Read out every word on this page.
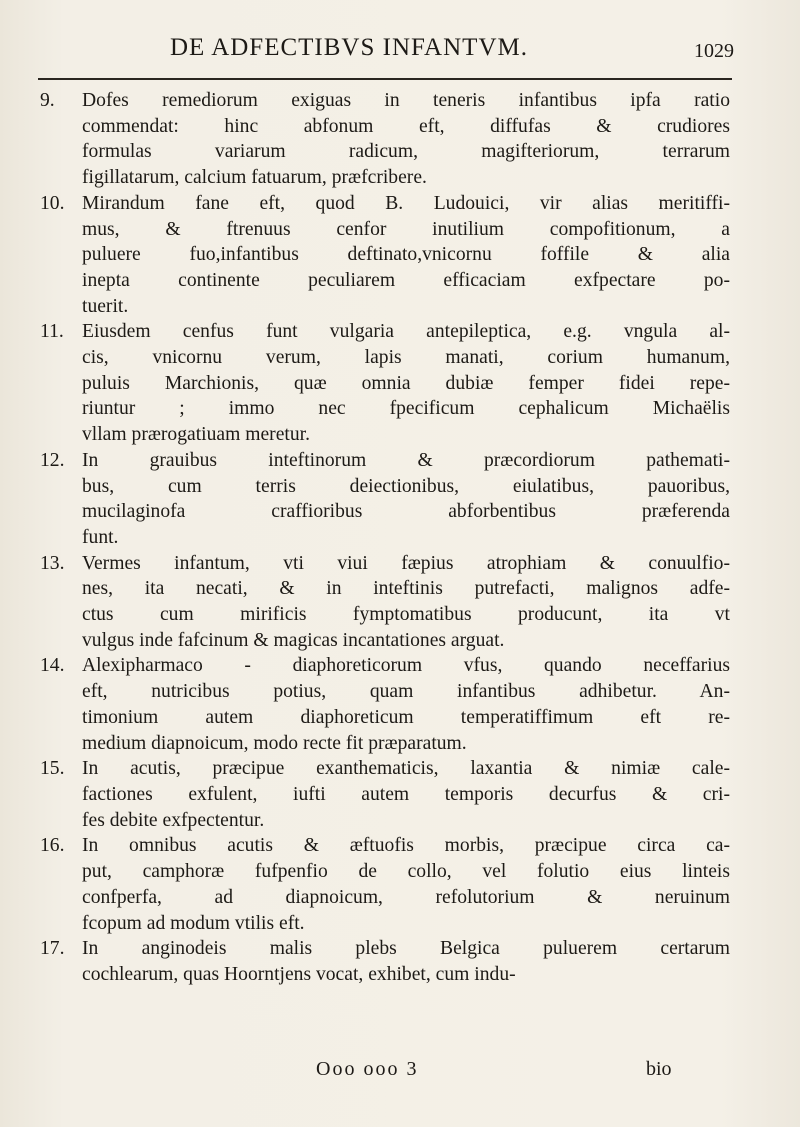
DE ADFECTIBVS INFANTVM.	1029
9.	Dofes remediorum exiguas in teneris infantibus ipfa ratio

commendat: hinc abfonum eft, diffufas & crudiores

formulas variarum radicum, magifteriorum, terrarum

figillatarum, calcium fatuarum, præfcribere.

10. Mirandum fane eft, quod B. Ludouici, vir alias meritiffi-

mus, & ftrenuus cenfor inutilium compofitionum, a

puluere fuo,infantibus deftinato,vnicornu foffile & alia

inepta continente peculiarem efficaciam exfpectare po-

tuerit.

11. Eiusdem cenfus funt vulgaria antepileptica, e.g. vngula al-

cis, vnicornu verum, lapis manati, corium humanum,

puluis Marchionis, quæ omnia dubiæ femper fidei repe-

riuntur ; immo nec fpecificum cephalicum Michaëlis

vllam prærogatiuam meretur.

12. In grauibus inteftinorum & præcordiorum pathemati-

bus, cum terris deiectionibus, eiulatibus, pauoribus,

mucilaginofa craffioribus abforbentibus præferenda

funt.

13. Vermes infantum, vti viui fæpius atrophiam & conuulfio-

nes, ita necati, & in inteftinis putrefacti, malignos adfe-

ctus cum mirificis fymptomatibus producunt, ita vt

vulgus inde fafcinum & magicas incantationes arguat.

14. Alexipharmaco - diaphoreticorum vfus, quando neceffarius

eft, nutricibus potius, quam infantibus adhibetur. An-

timonium autem diaphoreticum temperatiffimum eft re-

medium diapnoicum, modo recte fit præparatum.

15. In acutis, præcipue exanthematicis, laxantia & nimiæ cale-

factiones exfulent, iufti autem temporis decurfus & cri-

fes debite exfpectentur.

16. In omnibus acutis & æftuofis morbis, præcipue circa ca-

put, camphoræ fufpenfio de collo, vel folutio eius linteis

confperfa, ad diapnoicum, refolutorium & neruinum

fcopum ad modum vtilis eft.

17. In anginodeis malis plebs Belgica puluerem certarum

cochlearum, quas Hoorntjens vocat, exhibet, cum indu-

Ooo ooo 3	bio
